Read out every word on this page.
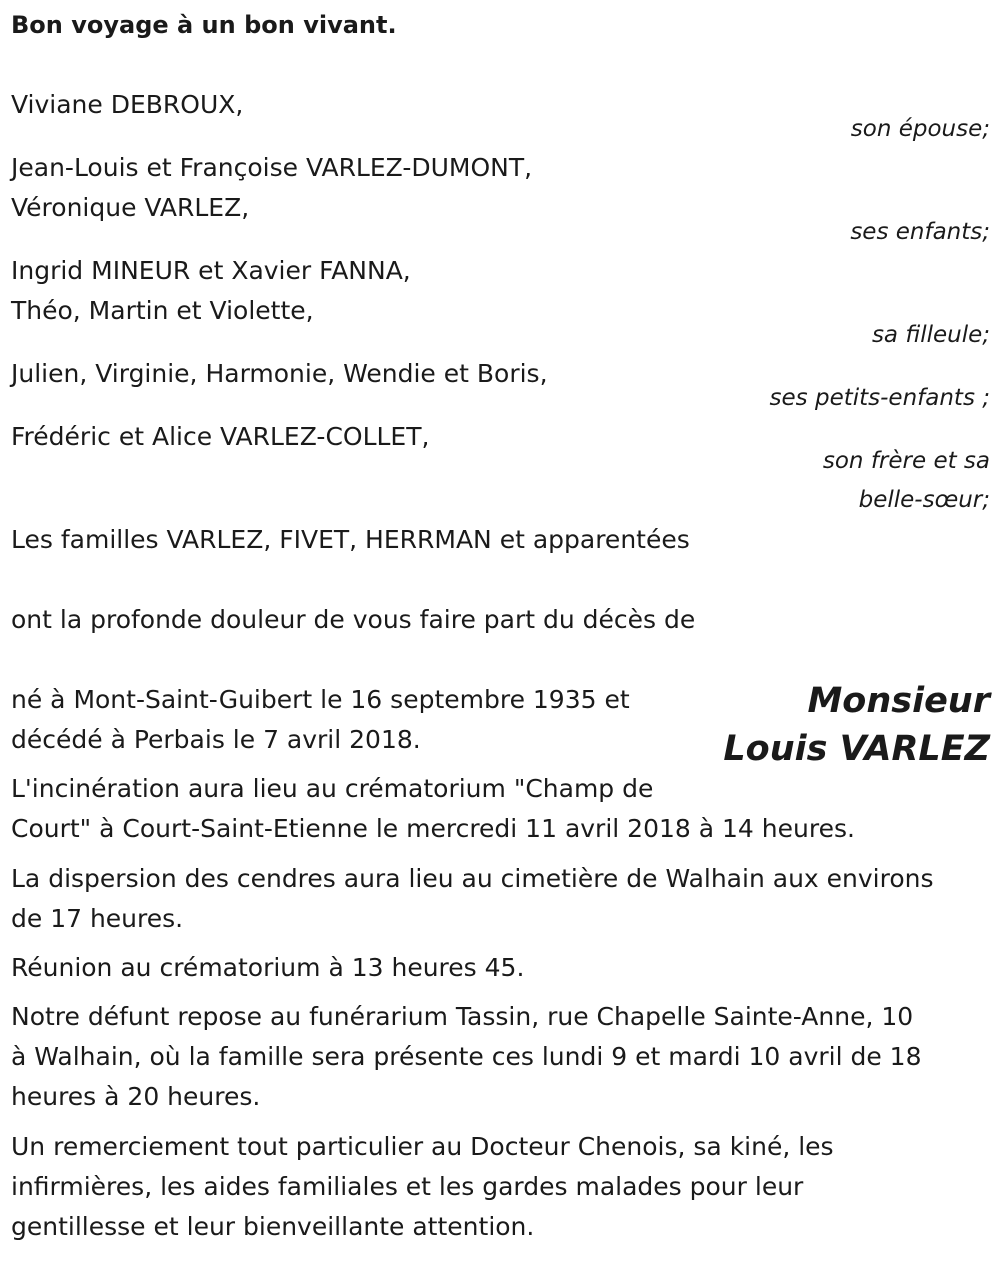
Bon voyage à un bon vivant.
Viviane DEBROUX,
son épouse;
Jean-Louis et Françoise VARLEZ-DUMONT,
Véronique VARLEZ,
ses enfants;
Ingrid MINEUR et Xavier FANNA,
Théo, Martin et Violette,
sa filleule;
Julien, Virginie, Harmonie, Wendie et Boris,
ses petits-enfants ;
Frédéric et Alice VARLEZ-COLLET,
son frère et sa
belle-sœur;
Les familles VARLEZ, FIVET, HERRMAN et apparentées
ont la profonde douleur de vous faire part du décès de
Monsieur
Louis VARLEZ
né à Mont-Saint-Guibert le 16 septembre 1935 et
décédé à Perbais le 7 avril 2018.
L'incinération aura lieu au crématorium "Champ de
Court" à Court-Saint-Etienne le mercredi 11 avril 2018 à 14 heures.
La dispersion des cendres aura lieu au cimetière de Walhain aux environs
de 17 heures.
Réunion au crématorium à 13 heures 45.
Notre défunt repose au funérarium Tassin, rue Chapelle Sainte-Anne, 10
à Walhain, où la famille sera présente ces lundi 9 et mardi 10 avril de 18
heures à 20 heures.
Un remerciement tout particulier au Docteur Chenois, sa kiné, les
infirmières, les aides familiales et les gardes malades pour leur
gentillesse et leur bienveillante attention.
